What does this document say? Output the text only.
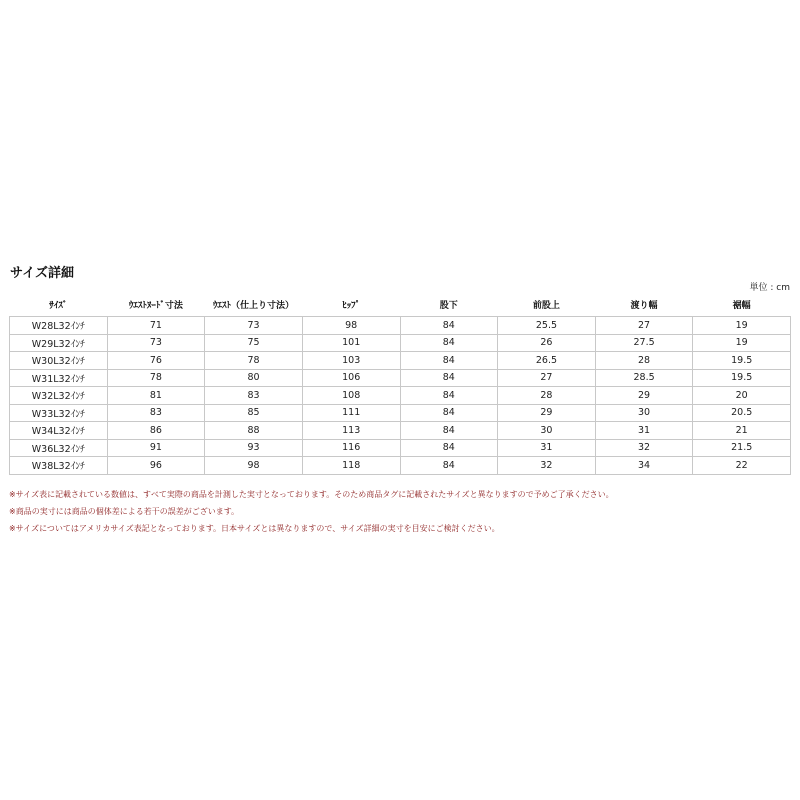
サイズ詳細
単位 : cm
ｻｲｽﾞ	ｳｴｽﾄﾇｰﾄﾞ寸法	ｳｴｽﾄ（仕上り寸法）	ﾋｯﾌﾟ	股下	前股上	渡り幅	裾幅
W28L32ｲﾝﾁ	71	73	98	84	25.5	27	19
W29L32ｲﾝﾁ	73	75	101	84	26	27.5	19
W30L32ｲﾝﾁ	76	78	103	84	26.5	28	19.5
W31L32ｲﾝﾁ	78	80	106	84	27	28.5	19.5
W32L32ｲﾝﾁ	81	83	108	84	28	29	20
W33L32ｲﾝﾁ	83	85	111	84	29	30	20.5
W34L32ｲﾝﾁ	86	88	113	84	30	31	21
W36L32ｲﾝﾁ	91	93	116	84	31	32	21.5
W38L32ｲﾝﾁ	96	98	118	84	32	34	22
※サイズ表に記載されている数値は、すべて実際の商品を計測した実寸となっております。そのため商品タグに記載されたサイズと異なりますので予めご了承ください。
※商品の実寸には商品の個体差による若干の誤差がございます。
※サイズについてはアメリカサイズ表記となっております。日本サイズとは異なりますので、サイズ詳細の実寸を目安にご検討ください。
